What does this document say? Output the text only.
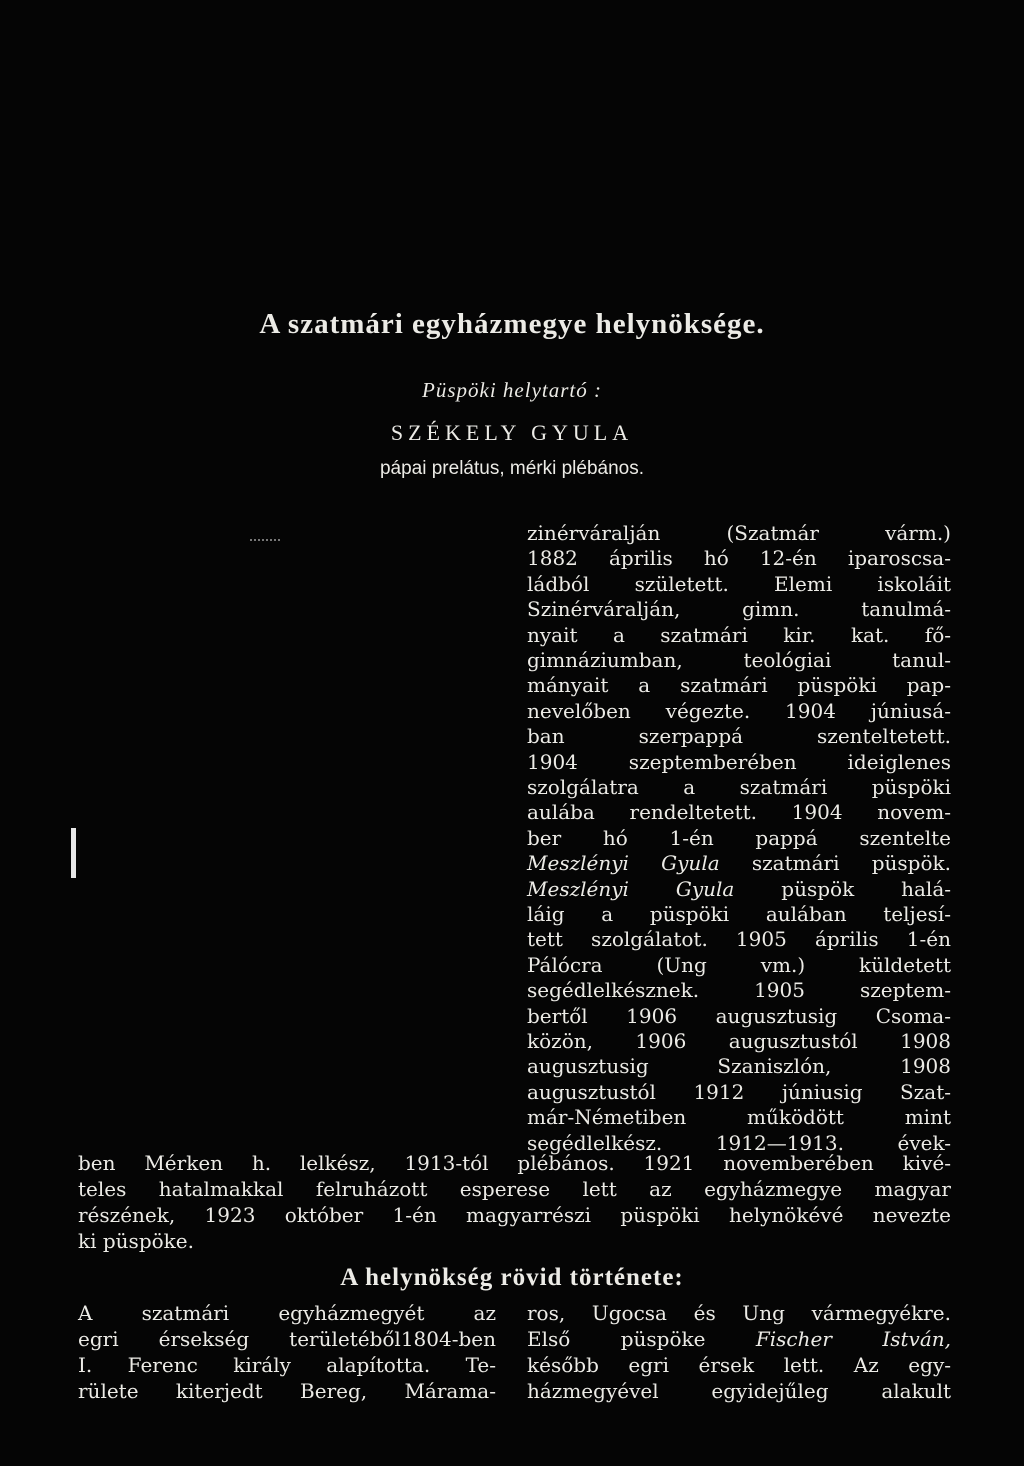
A szatmári egyházmegye helynöksége.
Püspöki helytartó :
SZÉKELY GYULA
pápai prelátus, mérki plébános.
zinérváralján (Szatmár várm.)
1882 április hó 12-én iparoscsa-
ládból született. Elemi iskoláit
Szinérváralján, gimn. tanulmá-
nyait a szatmári kir. kat. fő-
gimnáziumban, teológiai tanul-
mányait a szatmári püspöki pap-
nevelőben végezte. 1904 júniusá-
ban szerpappá szenteltetett.
1904 szeptemberében ideiglenes
szolgálatra a szatmári püspöki
aulába rendeltetett. 1904 novem-
ber hó 1-én pappá szentelte
Meszlényi Gyula szatmári püspök.
Meszlényi Gyula püspök halá-
láig a püspöki aulában teljesí-
tett szolgálatot. 1905 április 1-én
Pálócra (Ung vm.) küldetett
segédlelkésznek. 1905 szeptem-
bertől 1906 augusztusig Csoma-
közön, 1906 augusztustól 1908
augusztusig Szaniszlón, 1908
augusztustól 1912 júniusig Szat-
már-Németiben működött mint
segédlelkész. 1912—1913. évek-
ben Mérken h. lelkész, 1913-tól plébános. 1921 novemberében kivé-
teles hatalmakkal felruházott esperese lett az egyházmegye magyar
részének, 1923 október 1-én magyarrészi püspöki helynökévé nevezte
ki püspöke.
A helynökség rövid története:
A szatmári egyházmegyét az
egri érsekség területéből1804-ben
I. Ferenc király alapította. Te-
rülete kiterjedt Bereg, Márama-
ros, Ugocsa és Ung vármegyékre.
Első püspöke Fischer István,
később egri érsek lett. Az egy-
házmegyével egyidejűleg alakult
